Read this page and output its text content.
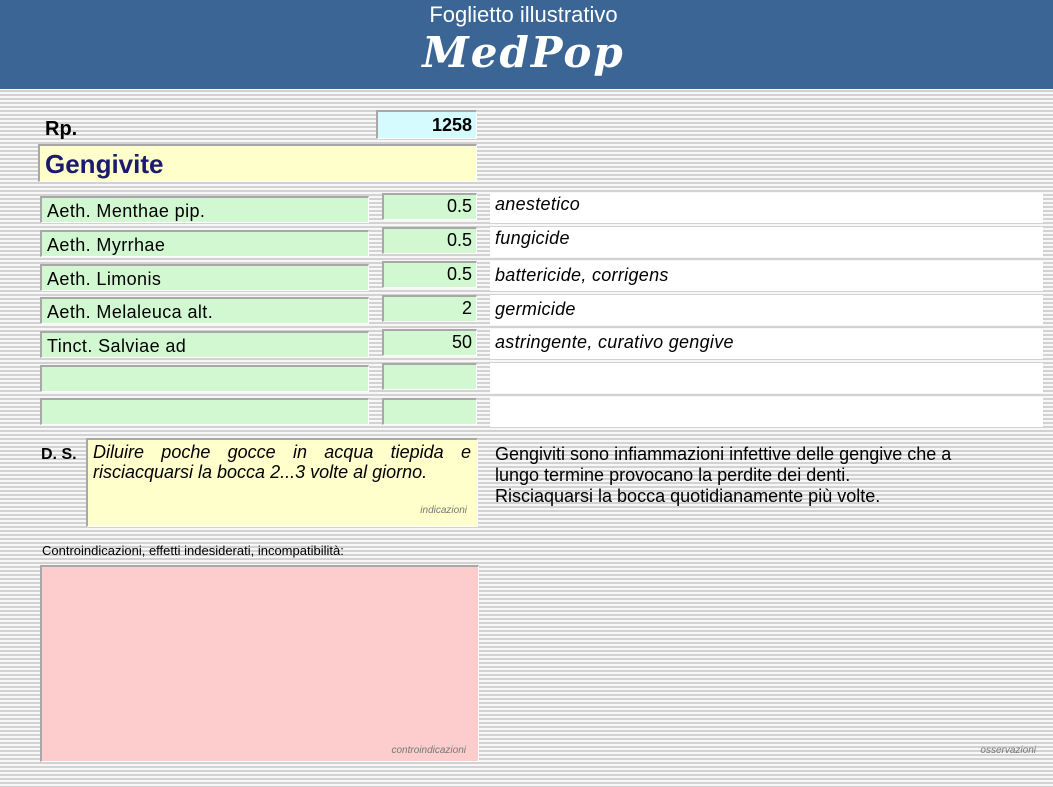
Foglietto illustrativo
MedPop
Rp.	1258
Gengivite
Aeth. Menthae pip.	0.5 anestetico
Aeth. Myrrhae	0.5 fungicide
Aeth. Limonis	0.5 battericide, corrigens
Aeth. Melaleuca alt.	2 germicide
Tinct. Salviae ad	50 astringente, curativo gengive
D. S. Diluire poche gocce in acqua tiepida e risciacquarsi la bocca 2...3 volte al giorno.
indicazioni
Gengiviti sono infiammazioni infettive delle gengive che a
lungo termine provocano la perdite dei denti.
Risciaquarsi la bocca quotidianamente più volte.
osservazioni
Controindicazioni, effetti indesiderati, incompatibilità:
controindicazioni
